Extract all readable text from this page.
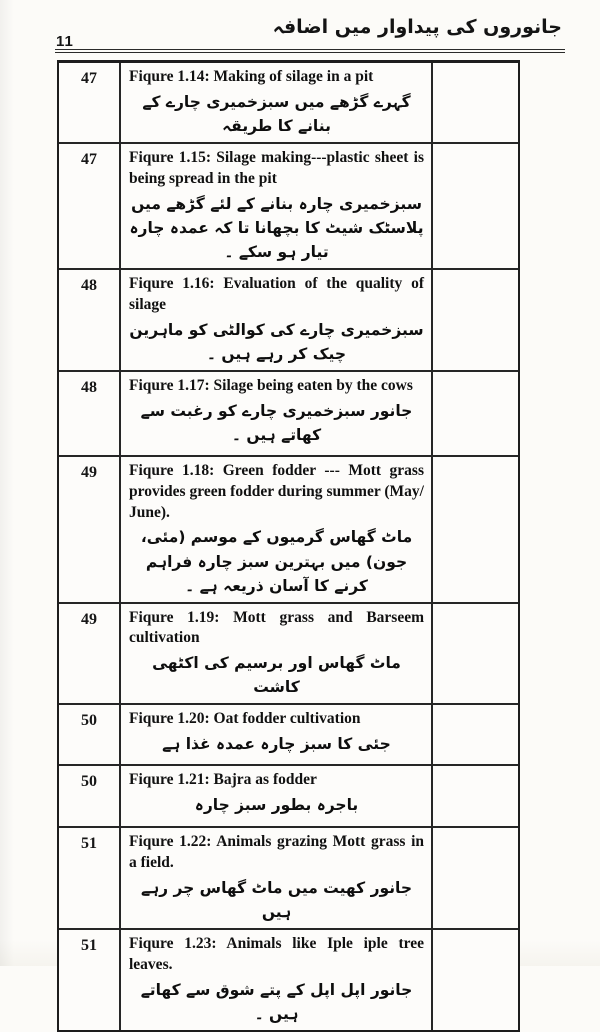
11
جانوروں کی پیداوار میں اضافہ
47	Fiqure 1.14: Making of silage in a pit
گہرے گڑھے میں سبزخمیری چارے کے بنانے کا طریقہ
47	Fiqure 1.15: Silage making---plastic sheet is being spread in the pit
سبزخمیری چارہ بنانے کے لئے گڑھے میں پلاسٹک شیٹ کا بچھانا تا کہ عمدہ چارہ تیار ہو سکے ۔
48	Fiqure 1.16: Evaluation of the quality of silage
سبزخمیری چارے کی کوالٹی کو ماہرین چیک کر رہے ہیں ۔
48	Fiqure 1.17: Silage being eaten by the cows
جانور سبزخمیری چارے کو رغبت سے کھاتے ہیں ۔
49	Fiqure 1.18: Green fodder --- Mott grass provides green fodder during summer (May/ June).
ماٹ گھاس گرمیوں کے موسم (مئی، جون) میں بہترین سبز چارہ فراہم کرنے کا آسان ذریعہ ہے ۔
49	Fiqure 1.19: Mott grass and Barseem cultivation
ماٹ گھاس اور برسیم کی اکٹھی کاشت
50	Fiqure 1.20: Oat fodder cultivation
جئی کا سبز چارہ عمدہ غذا ہے
50	Fiqure 1.21: Bajra as fodder
باجرہ بطور سبز چارہ
51	Fiqure 1.22: Animals grazing Mott grass in a field.
جانور کھیت میں ماٹ گھاس چر رہے ہیں
51	Fiqure 1.23: Animals like Iple iple tree leaves.
جانور اپل اپل کے پتے شوق سے کھاتے ہیں ۔
